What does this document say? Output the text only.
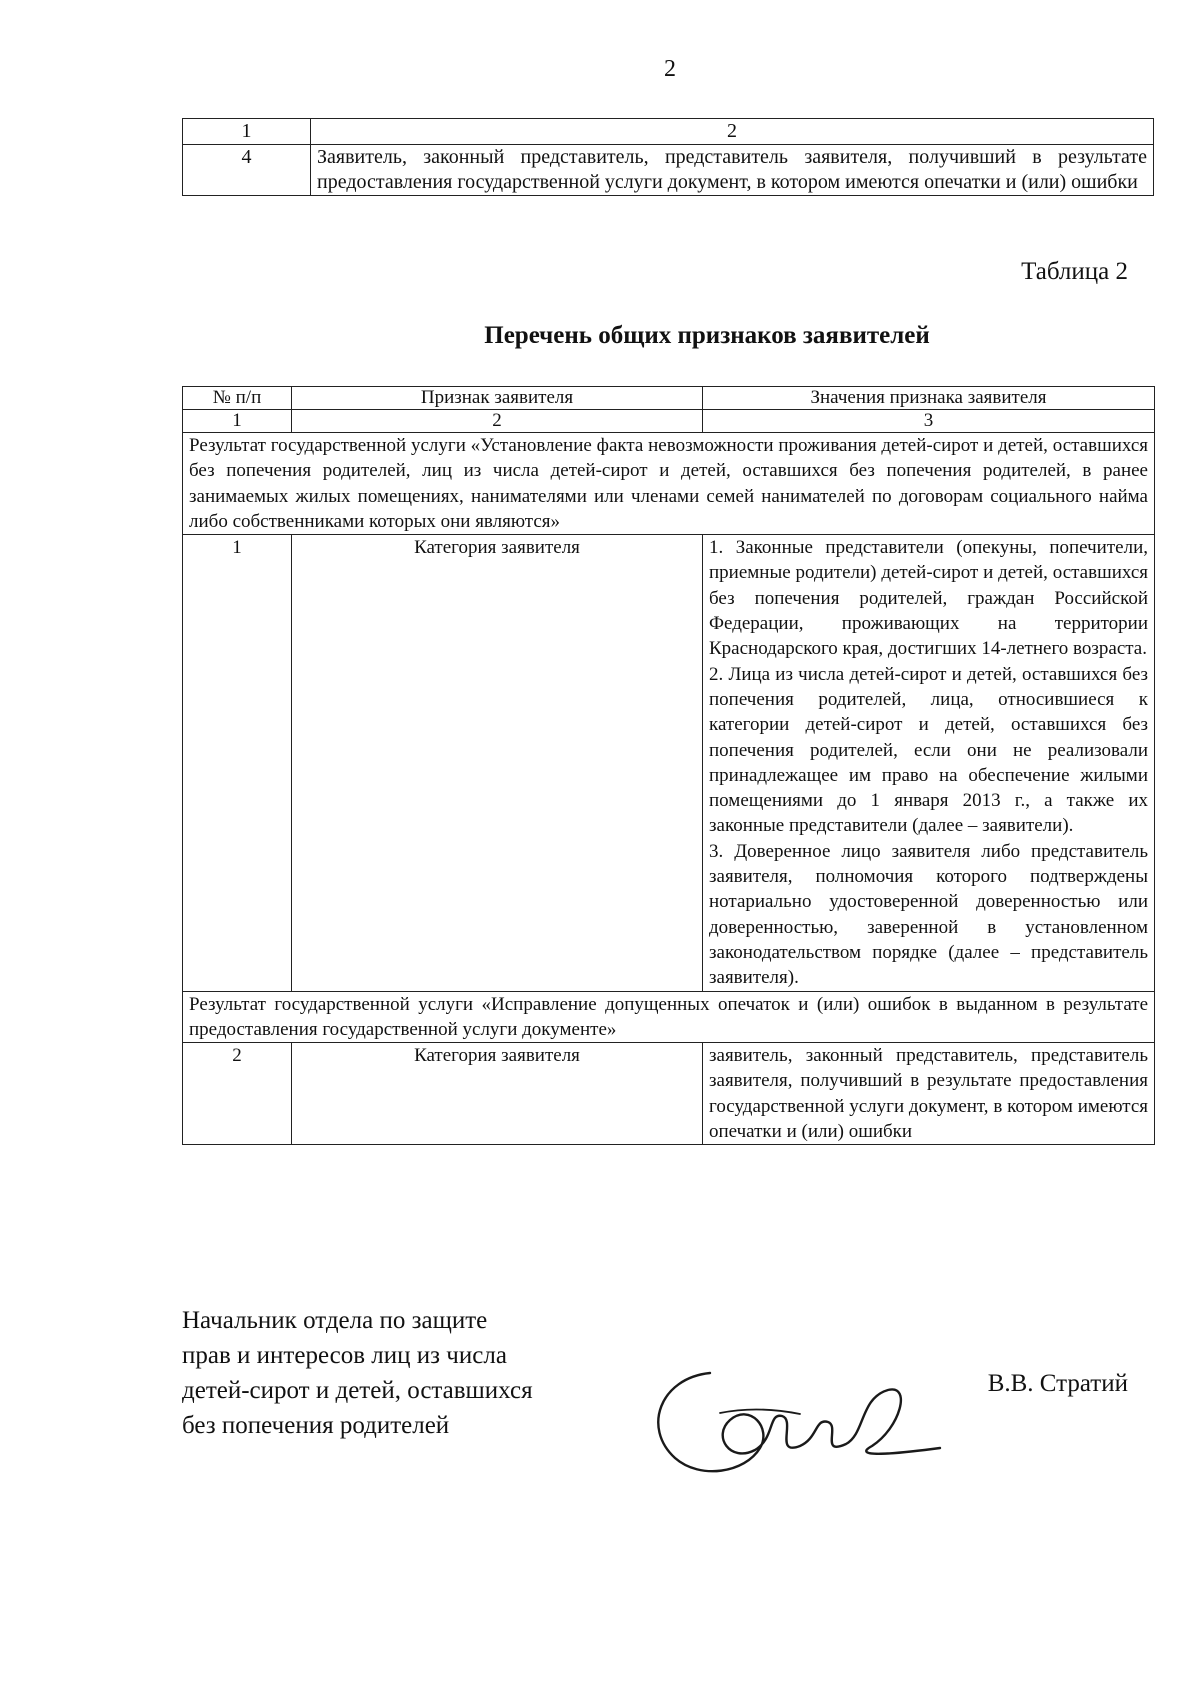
2
1	2
4	Заявитель, законный представитель, представитель заявителя, получивший в результате предоставления государственной услуги документ, в котором имеются опечатки и (или) ошибки
Таблица 2
Перечень общих признаков заявителей
№ п/п	Признак заявителя	Значения признака заявителя
1	2	3
Результат государственной услуги «Установление факта невозможности проживания детей-сирот и детей, оставшихся без попечения родителей, лиц из числа детей-сирот и детей, оставшихся без попечения родителей, в ранее занимаемых жилых помещениях, нанимателями или членами семей нанимателей по договорам социального найма либо собственниками которых они являются»		
1	Категория заявителя	1. Законные представители (опекуны, попечители, приемные родители) детей-сирот и детей, оставшихся без попечения родителей, граждан Российской Федерации, проживающих на территории Краснодарского края, достигших 14-летнего возраста.
2. Лица из числа детей-сирот и детей, оставшихся без попечения родителей, лица, относившиеся к категории детей-сирот и детей, оставшихся без попечения родителей, если они не реализовали принадлежащее им право на обеспечение жилыми помещениями до 1 января 2013 г., а также их законные представители (далее – заявители).
3. Доверенное лицо заявителя либо представитель заявителя, полномочия которого подтверждены нотариально удостоверенной доверенностью или доверенностью, заверенной в установленном законодательством порядке (далее – представитель заявителя).

Результат государственной услуги «Исправление допущенных опечаток и (или) ошибок в выданном в результате предоставления государственной услуги документе»		
2	Категория заявителя	заявитель, законный представитель, представитель заявителя, получивший в результате предоставления государственной услуги документ, в котором имеются опечатки и (или) ошибки
Начальник отдела по защите
прав и интересов лиц из числа
детей-сирот и детей, оставшихся
без попечения родителей
В.В. Стратий
